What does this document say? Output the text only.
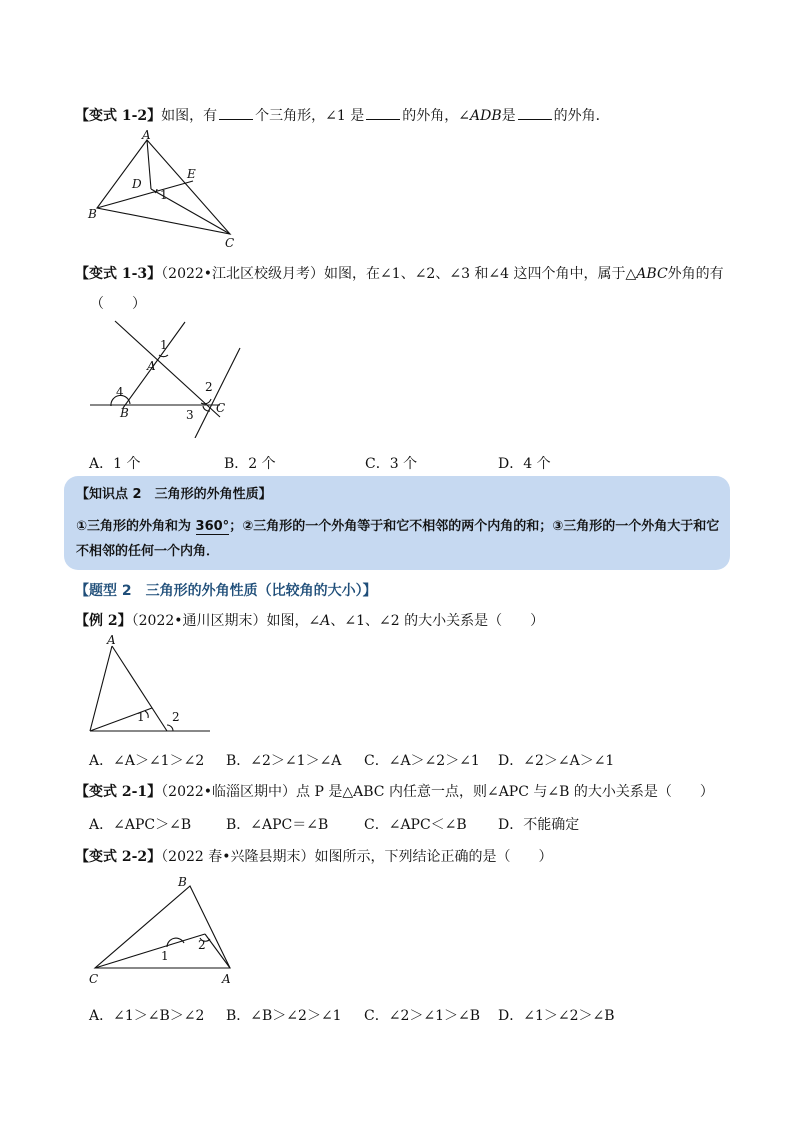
【变式 1-2】如图，有	个三角形，∠1 是	的外角，∠ADB是	的外角．
A
B
C
D
E
1
【变式 1-3】（2022•江北区校级月考）如图，在∠1、∠2、∠3 和∠4 这四个角中，属于△ABC外角的有
（　　）
A
B	C
1
2
3
4
A．1 个	B．2 个	C．3 个	D．4 个
【知识点 2　三角形的外角性质】
①三角形的外角和为 360°；②三角形的一个外角等于和它不相邻的两个内角的和；③三角形的一个外角大于和它不相邻的任何一个内角．
【题型 2　三角形的外角性质（比较角的大小）】
【例 2】（2022•通川区期末）如图，∠A、∠1、∠2 的大小关系是（　　）
A
1 2
A．∠A＞∠1＞∠2 B．∠2＞∠1＞∠A C．∠A＞∠2＞∠1 D．∠2＞∠A＞∠1
【变式 2-1】（2022•临淄区期中）点 P 是△ABC 内任意一点，则∠APC 与∠B 的大小关系是（　　）
A．∠APC＞∠B B．∠APC＝∠B	C．∠APC＜∠B D．不能确定
【变式 2-2】（2022 春•兴隆县期末）如图所示，下列结论正确的是（　　）
B
C	A
1
2
A．∠1＞∠B＞∠2 B．∠B＞∠2＞∠1 C．∠2＞∠1＞∠B D．∠1＞∠2＞∠B
